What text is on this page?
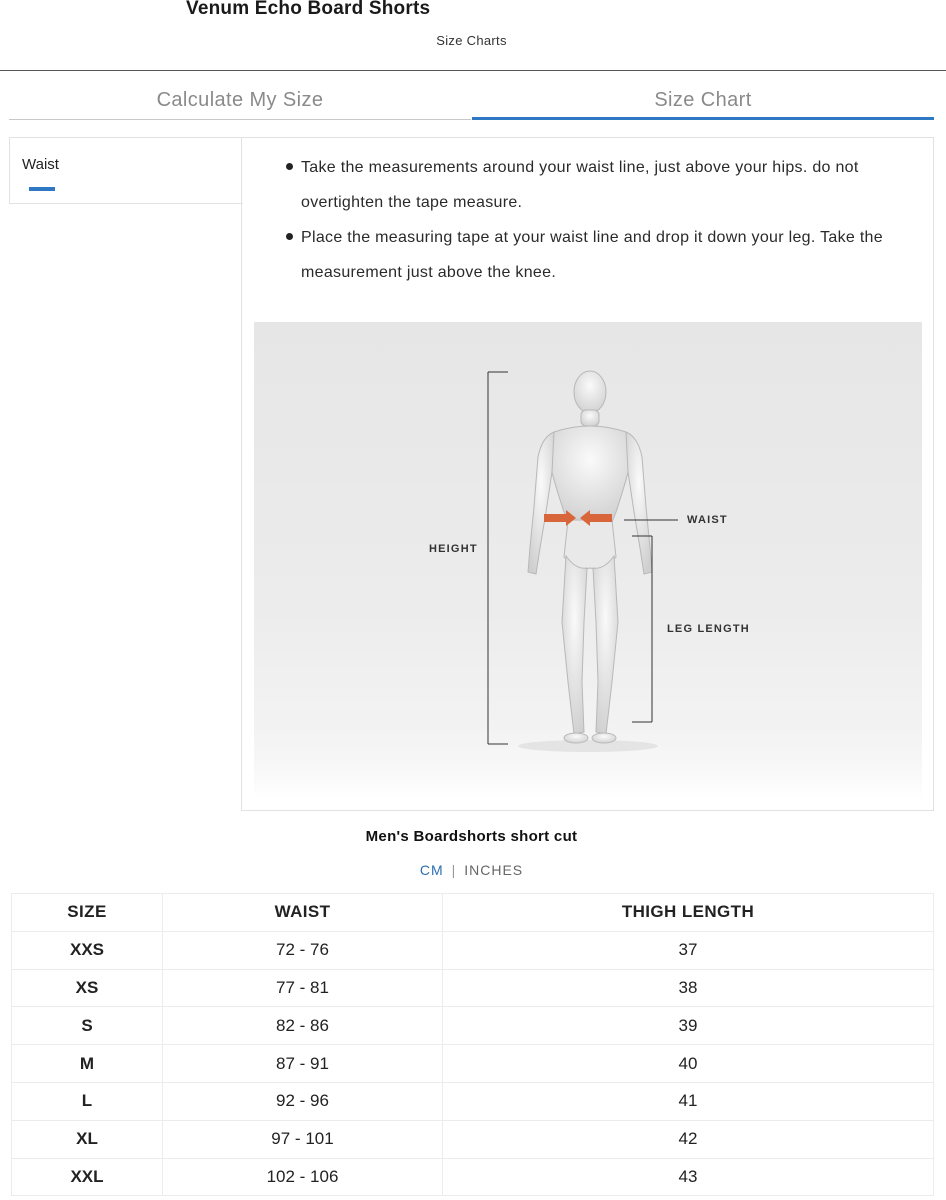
Venum Echo Board Shorts
Size Charts
Calculate My Size	Size Chart
Waist	Take the measurements around your waist line, just above your hips. do not overtighten the tape measure.
Place the measuring tape at your waist line and drop it down your leg. Take the measurement just above the knee.
HEIGHT
WAIST
LEG LENGTH
Men's Boardshorts short cut
CM | INCHES
SIZE	WAIST	THIGH LENGTH
XXS	72 - 76	37
XS	77 - 81	38
S	82 - 86	39
M	87 - 91	40
L	92 - 96	41
XL	97 - 101	42
XXL	102 - 106	43
